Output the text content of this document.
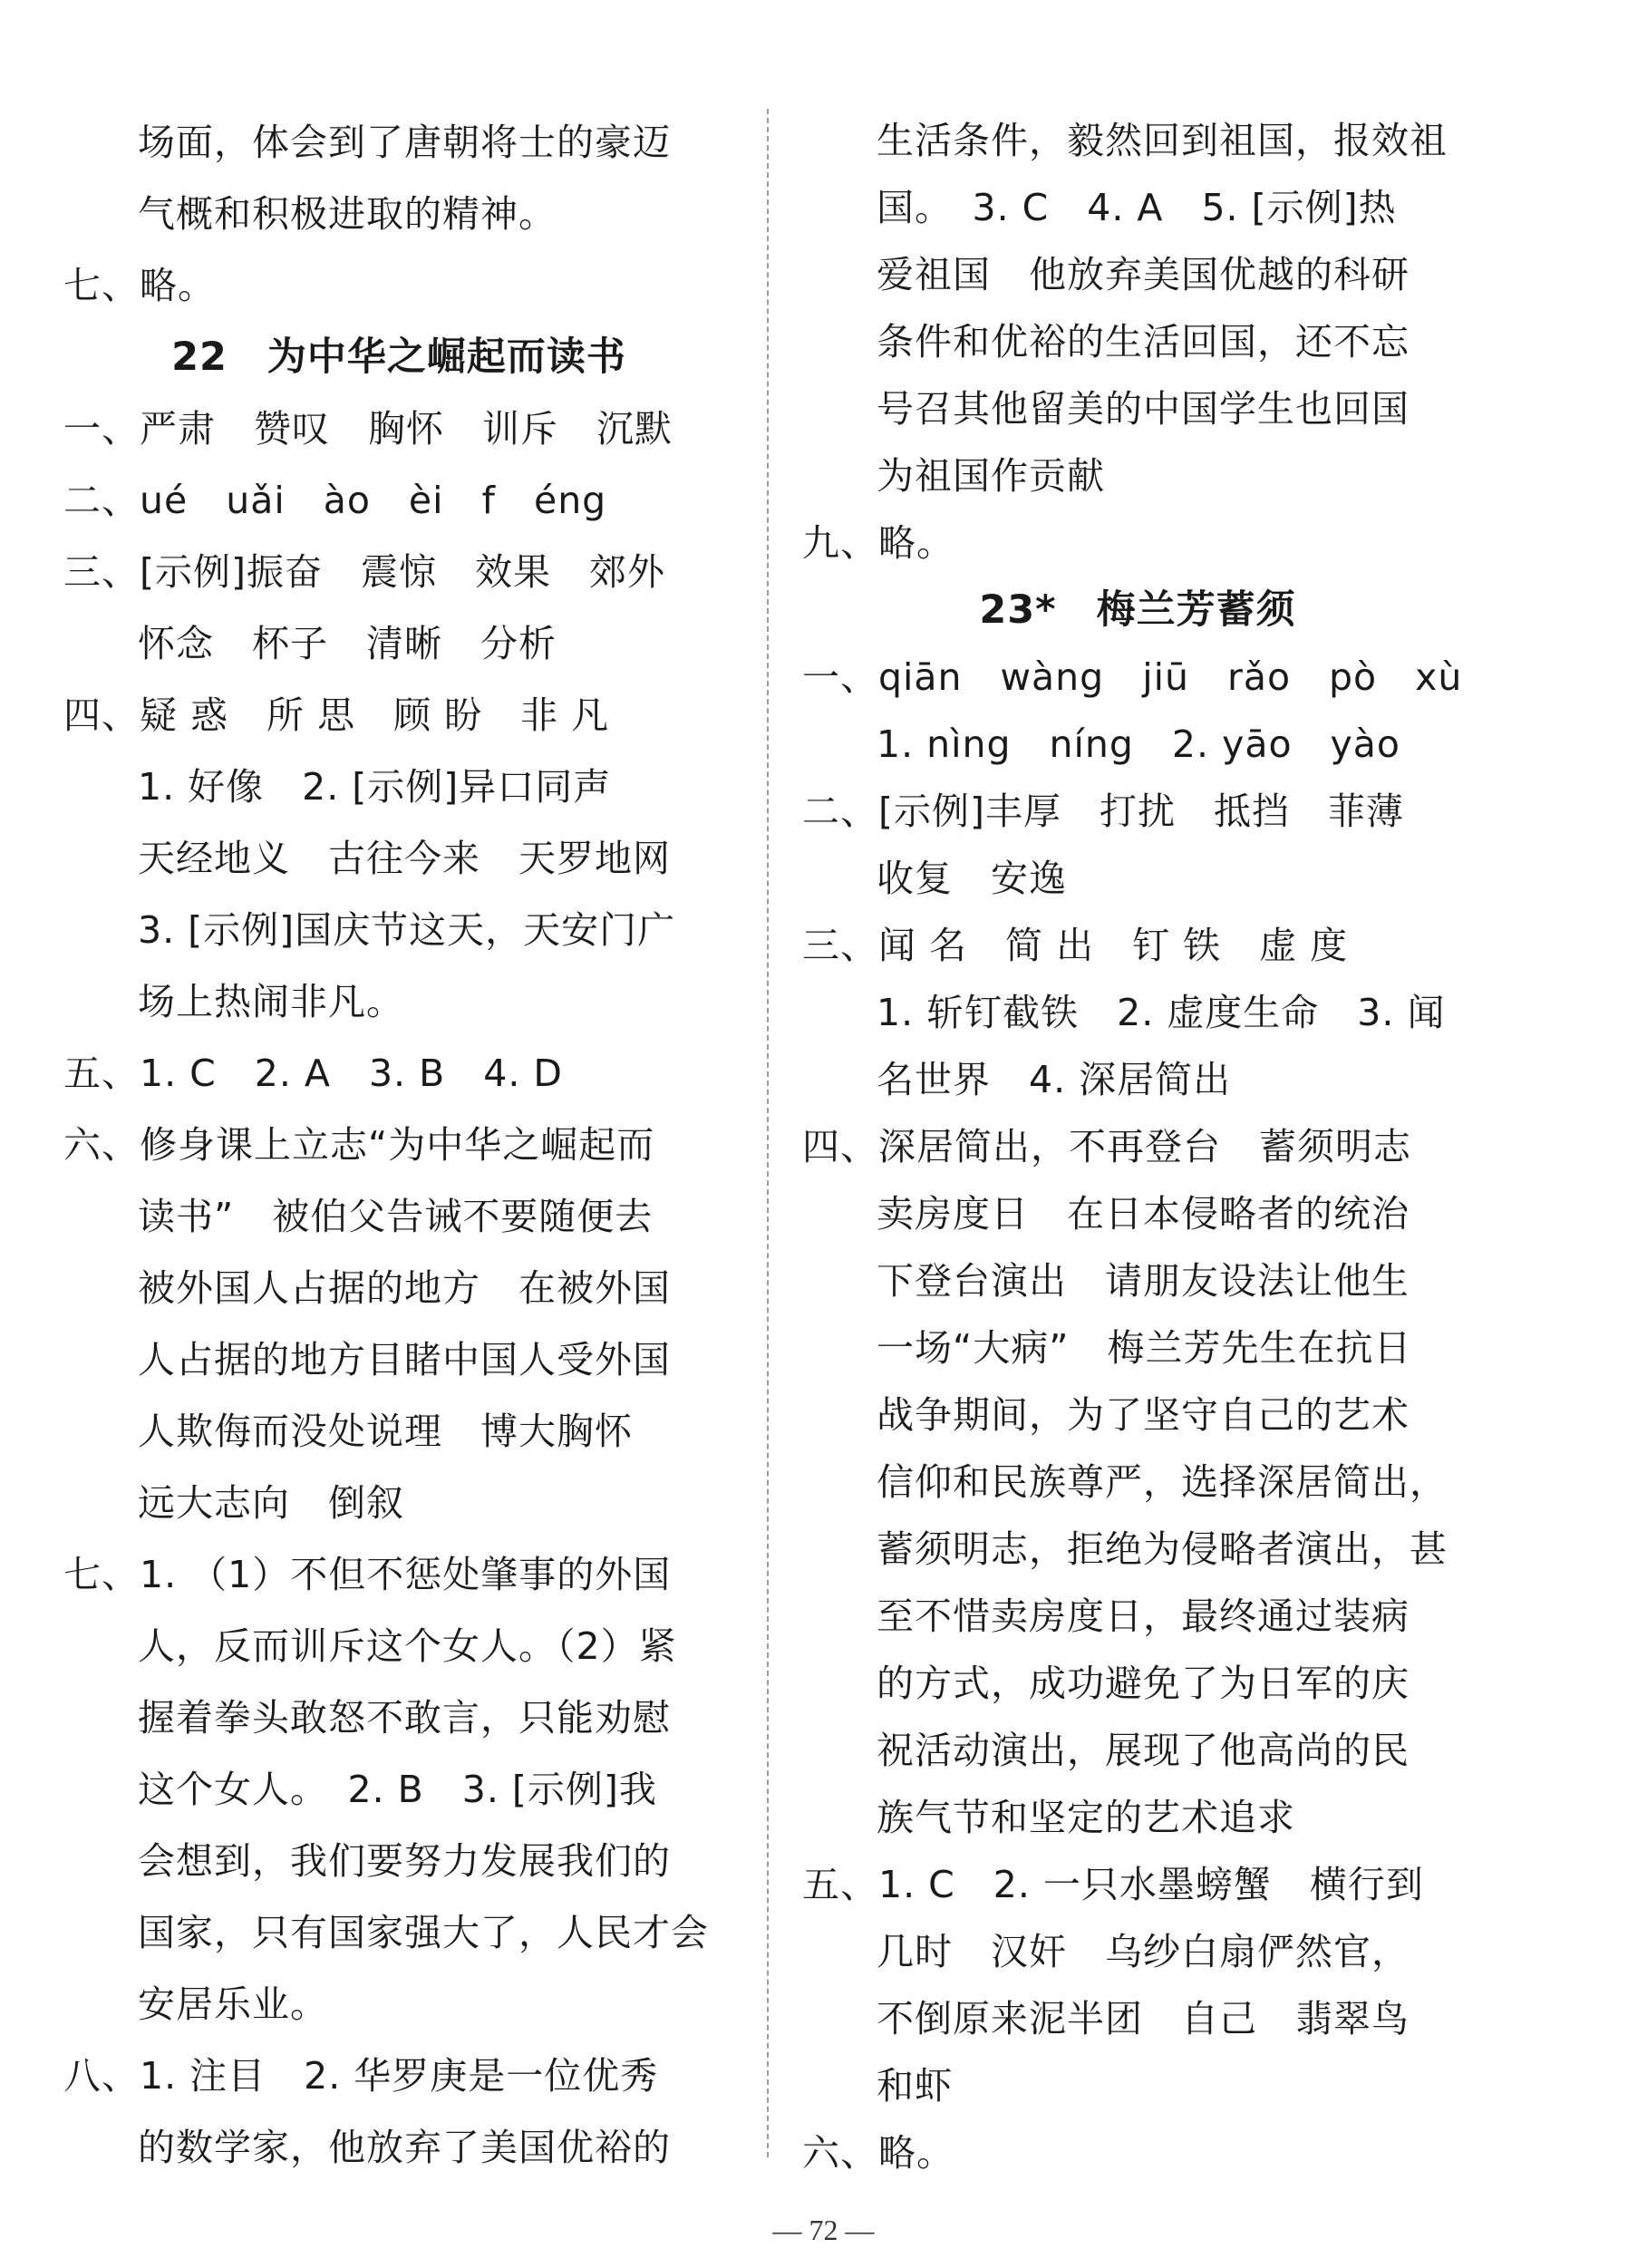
场面，体会到了唐朝将士的豪迈
气概和积极进取的精神。
七、略。
22　为中华之崛起而读书
一、严肃　赞叹　胸怀　训斥　沉默
二、ué　uǎi　ào　èi　f　éng
三、[示例]振奋　震惊　效果　郊外
怀念　杯子　清晰　分析
四、疑 惑　所 思　顾 盼　非 凡
1. 好像　2. [示例]异口同声
天经地义　古往今来　天罗地网
3. [示例]国庆节这天，天安门广
场上热闹非凡。
五、1. C　2. A　3. B　4. D
六、修身课上立志“为中华之崛起而
读书”　被伯父告诫不要随便去
被外国人占据的地方　在被外国
人占据的地方目睹中国人受外国
人欺侮而没处说理　博大胸怀
远大志向　倒叙
七、1. （1）不但不惩处肇事的外国
人，反而训斥这个女人。（2）紧
握着拳头敢怒不敢言，只能劝慰
这个女人。　2. B　3. [示例]我
会想到，我们要努力发展我们的
国家，只有国家强大了，人民才会
安居乐业。
八、1. 注目　2. 华罗庚是一位优秀
的数学家，他放弃了美国优裕的
生活条件，毅然回到祖国，报效祖
国。　3. C　4. A　5. [示例]热
爱祖国　他放弃美国优越的科研
条件和优裕的生活回国，还不忘
号召其他留美的中国学生也回国
为祖国作贡献
九、略。
23*　梅兰芳蓄须
一、qiān　wàng　jiū　rǎo　pò　xù
1. nìng　níng　2. yāo　yào
二、[示例]丰厚　打扰　抵挡　菲薄
收复　安逸
三、闻 名　简 出　钉 铁　虚 度
1. 斩钉截铁　2. 虚度生命　3. 闻
名世界　4. 深居简出
四、深居简出，不再登台　蓄须明志
卖房度日　在日本侵略者的统治
下登台演出　请朋友设法让他生
一场“大病”　梅兰芳先生在抗日
战争期间，为了坚守自己的艺术
信仰和民族尊严，选择深居简出，
蓄须明志，拒绝为侵略者演出，甚
至不惜卖房度日，最终通过装病
的方式，成功避免了为日军的庆
祝活动演出，展现了他高尚的民
族气节和坚定的艺术追求
五、1. C　2. 一只水墨螃蟹　横行到
几时　汉奸　乌纱白扇俨然官，
不倒原来泥半团　自己　翡翠鸟
和虾
六、略。
— 72 —
